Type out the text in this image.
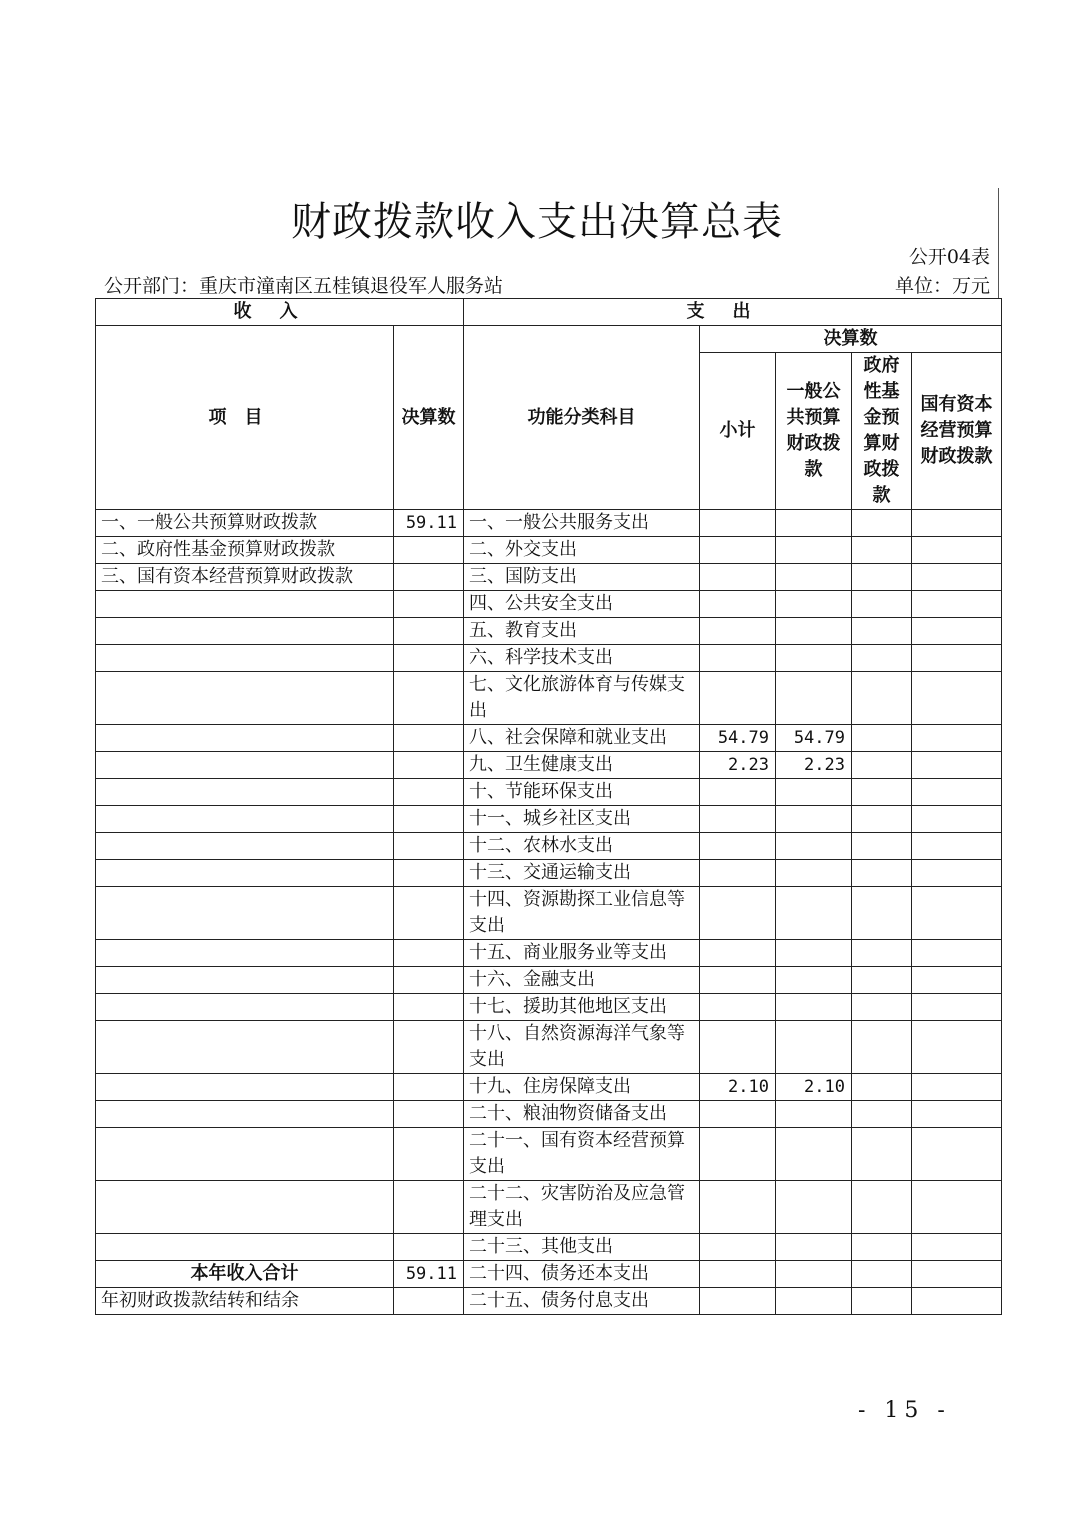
财政拨款收入支出决算总表
公开04表
公开部门：重庆市潼南区五桂镇退役军人服务站	单位：万元
收入		支出				
项目	决算数	功能分类科目	决算数			
			小计	一般公共预算财政拨款	政府性基金预算财政拨款	国有资本经营预算财政拨款
一、一般公共预算财政拨款	59.11	一、一般公共服务支出				
二、政府性基金预算财政拨款		二、外交支出				
三、国有资本经营预算财政拨款		三、国防支出				
		四、公共安全支出				
		五、教育支出				
		六、科学技术支出				
		七、文化旅游体育与传媒支出				
		八、社会保障和就业支出	54.79	54.79		
		九、卫生健康支出	2.23	2.23		
		十、节能环保支出				
		十一、城乡社区支出				
		十二、农林水支出				
		十三、交通运输支出				
		十四、资源勘探工业信息等支出				
		十五、商业服务业等支出				
		十六、金融支出				
		十七、援助其他地区支出				
		十八、自然资源海洋气象等支出				
		十九、住房保障支出	2.10	2.10		
		二十、粮油物资储备支出				
		二十一、国有资本经营预算支出				
		二十二、灾害防治及应急管理支出				
		二十三、其他支出				
本年收入合计	59.11	二十四、债务还本支出				
年初财政拨款结转和结余		二十五、债务付息支出				
- 15 -
